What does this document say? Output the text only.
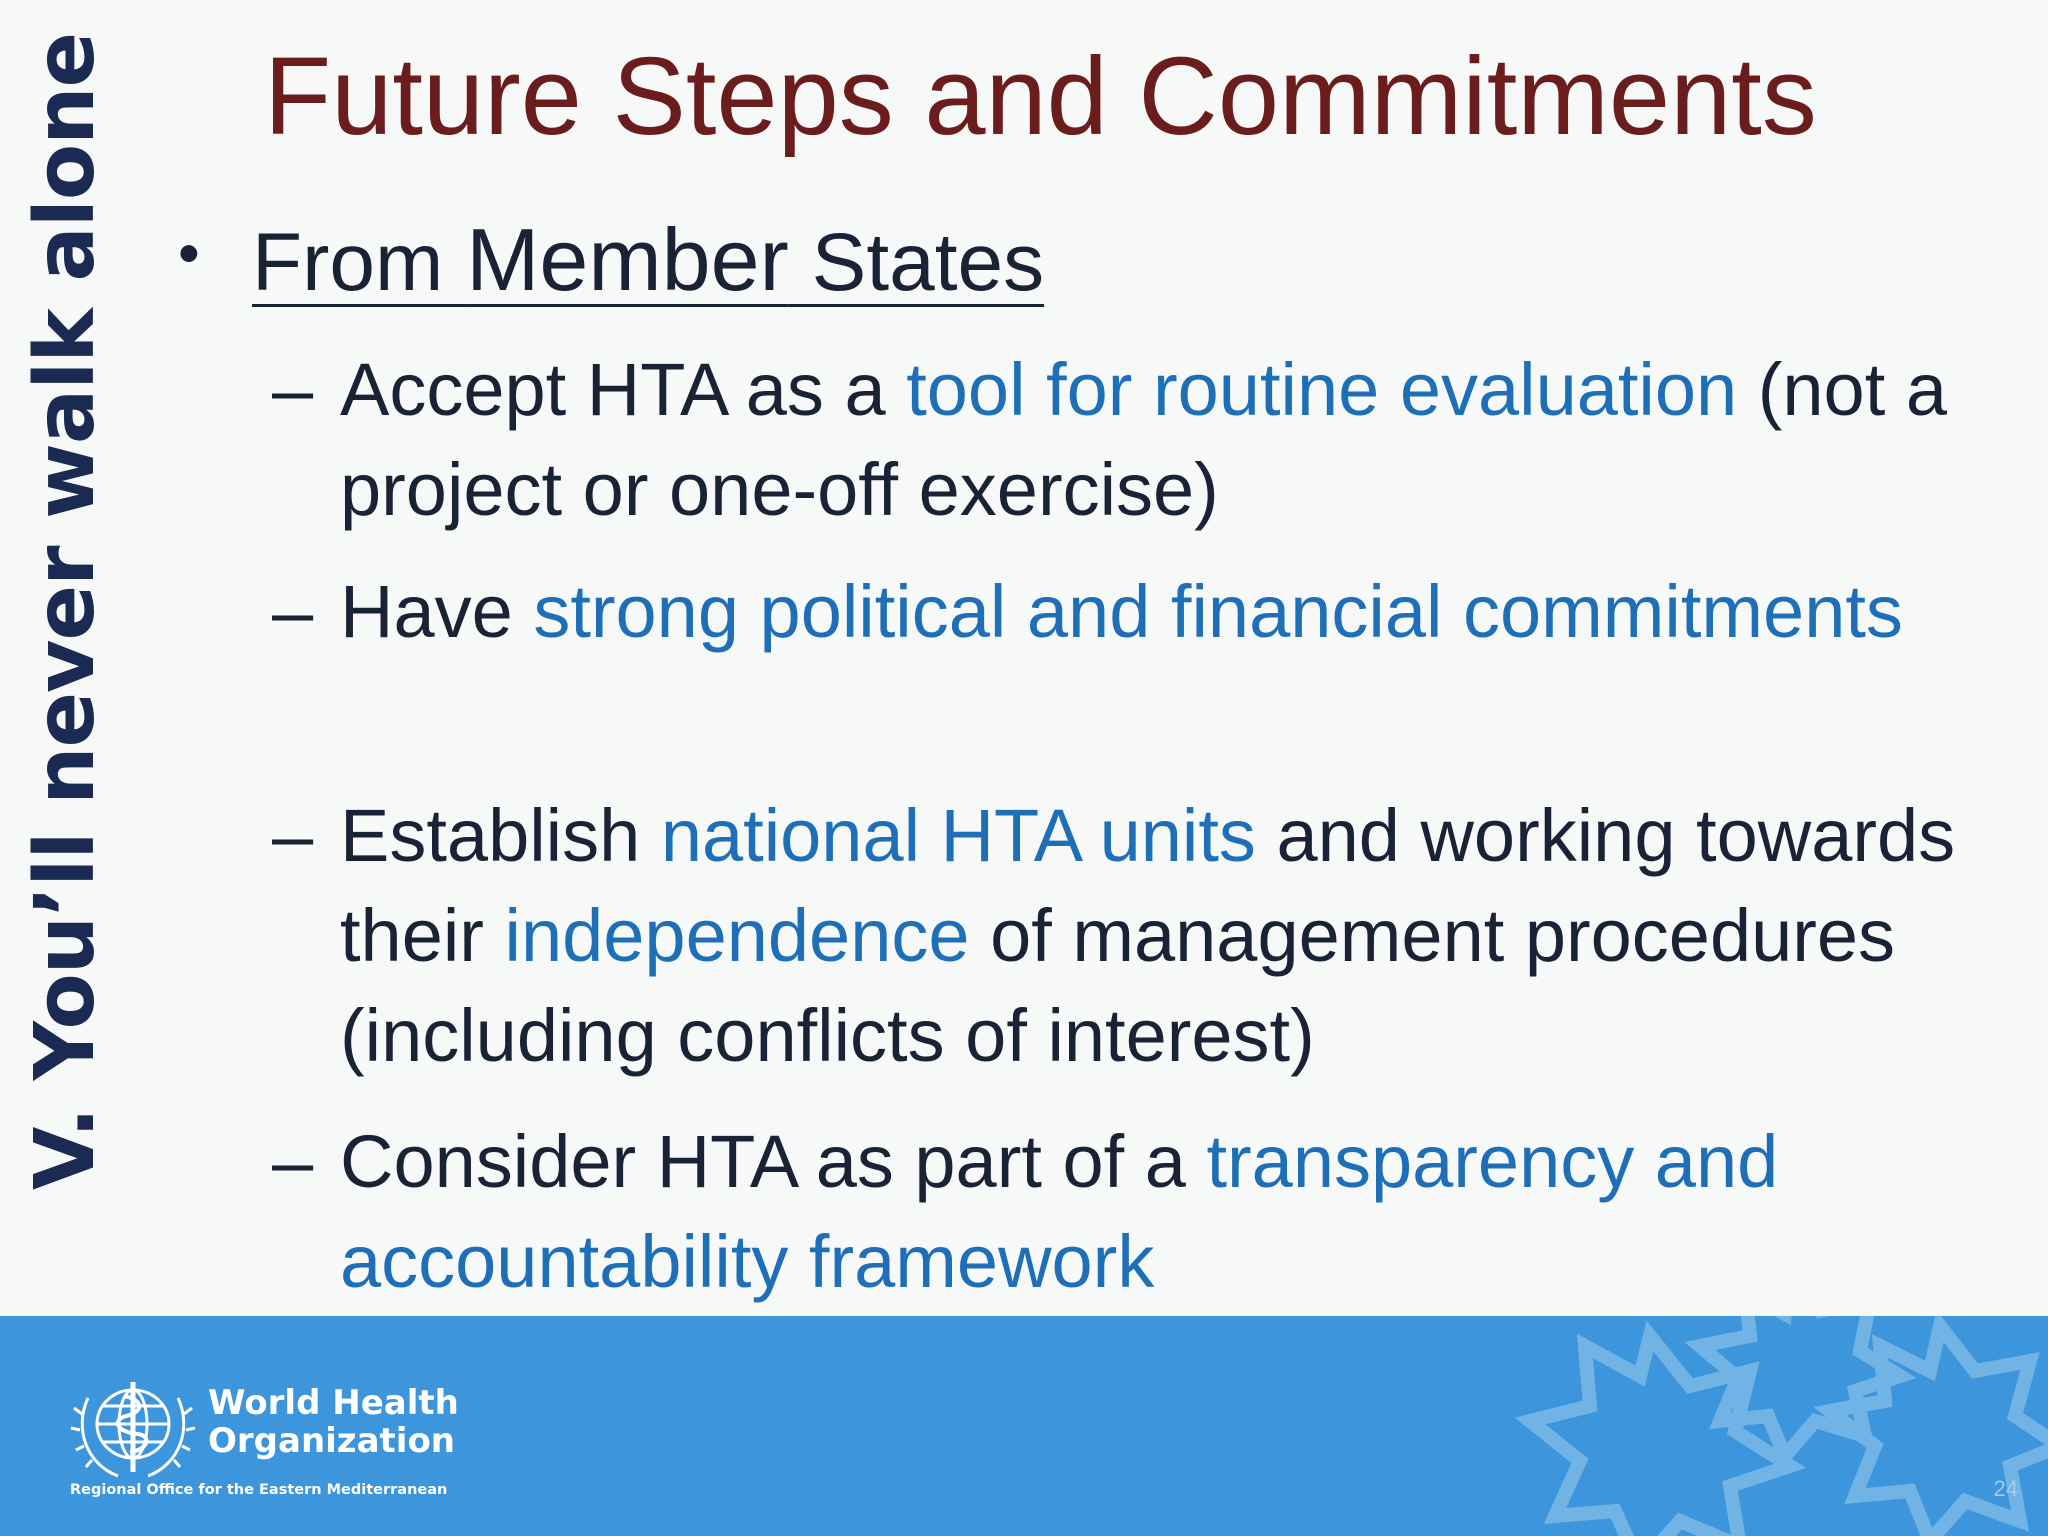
V. You’ll never walk alone Future Steps and Commitments
• From Member States
– Accept HTA as a tool for routine evaluation (not a project or one-off exercise)
– Have strong political and financial commitments
– Establish national HTA units and working towards their independence of management procedures (including conflicts of interest)
– Consider HTA as part of a transparency and accountability framework
World Health
Organization
Regional Office for the Eastern Mediterranean	24
